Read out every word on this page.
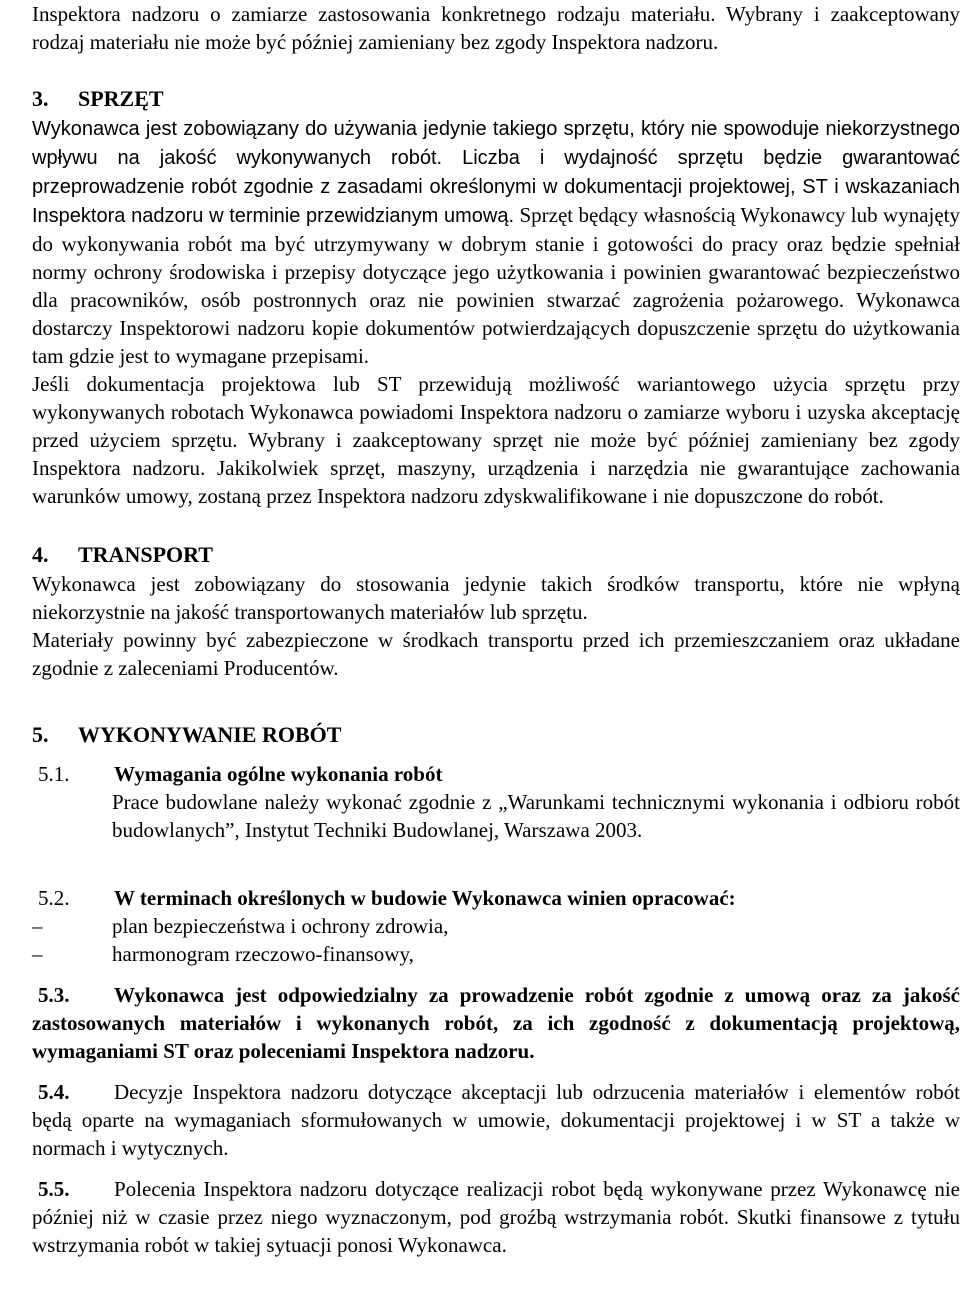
Inspektora nadzoru o zamiarze zastosowania konkretnego rodzaju materiału. Wybrany i zaakceptowany rodzaj materiału nie może być później zamieniany bez zgody Inspektora nadzoru.

3.	SPRZĘT

Wykonawca jest zobowiązany do używania jedynie takiego sprzętu, który nie spowoduje niekorzystnego wpływu na jakość wykonywanych robót. Liczba i wydajność sprzętu będzie gwarantować przeprowadzenie robót zgodnie z zasadami określonymi w dokumentacji projektowej, ST i wskazaniach Inspektora nadzoru w terminie przewidzianym umową. Sprzęt będący własnością Wykonawcy lub wynajęty do wykonywania robót ma być utrzymywany w dobrym stanie i gotowości do pracy oraz będzie spełniał normy ochrony środowiska i przepisy dotyczące jego użytkowania i powinien gwarantować bezpieczeństwo dla pracowników, osób postronnych oraz nie powinien stwarzać zagrożenia pożarowego. Wykonawca dostarczy Inspektorowi nadzoru kopie dokumentów potwierdzających dopuszczenie sprzętu do użytkowania tam gdzie jest to wymagane przepisami.

Jeśli dokumentacja projektowa lub ST przewidują możliwość wariantowego użycia sprzętu przy wykonywanych robotach Wykonawca powiadomi Inspektora nadzoru o zamiarze wyboru i uzyska akceptację przed użyciem sprzętu. Wybrany i zaakceptowany sprzęt nie może być później zamieniany bez zgody Inspektora nadzoru. Jakikolwiek sprzęt, maszyny, urządzenia i narzędzia nie gwarantujące zachowania warunków umowy, zostaną przez Inspektora nadzoru zdyskwalifikowane i nie dopuszczone do robót.

4.	TRANSPORT

Wykonawca jest zobowiązany do stosowania jedynie takich środków transportu, które nie wpłyną niekorzystnie na jakość transportowanych materiałów lub sprzętu.

Materiały powinny być zabezpieczone w środkach transportu przed ich przemieszczaniem oraz układane zgodnie z zaleceniami Producentów.

5.	WYKONYWANIE ROBÓT
5.1.	Wymagania ogólne wykonania robót

Prace budowlane należy wykonać zgodnie z „Warunkami technicznymi wykonania i odbioru robót budowlanych”, Instytut Techniki Budowlanej, Warszawa 2003.

5.2.	W terminach określonych w budowie Wykonawca winien opracować:
–	plan bezpieczeństwa i ochrony zdrowia,
–	harmonogram rzeczowo-finansowy,

5.3. Wykonawca jest odpowiedzialny za prowadzenie robót zgodnie z umową oraz za jakość zastosowanych materiałów i wykonanych robót, za ich zgodność z dokumentacją projektową, wymaganiami ST oraz poleceniami Inspektora nadzoru.

5.4. Decyzje Inspektora nadzoru dotyczące akceptacji lub odrzucenia materiałów i elementów robót będą oparte na wymaganiach sformułowanych w umowie, dokumentacji projektowej i w ST a także w normach i wytycznych.

5.5. Polecenia Inspektora nadzoru dotyczące realizacji robot będą wykonywane przez Wykonawcę nie później niż w czasie przez niego wyznaczonym, pod groźbą wstrzymania robót. Skutki finansowe z tytułu wstrzymania robót w takiej sytuacji ponosi Wykonawca.
